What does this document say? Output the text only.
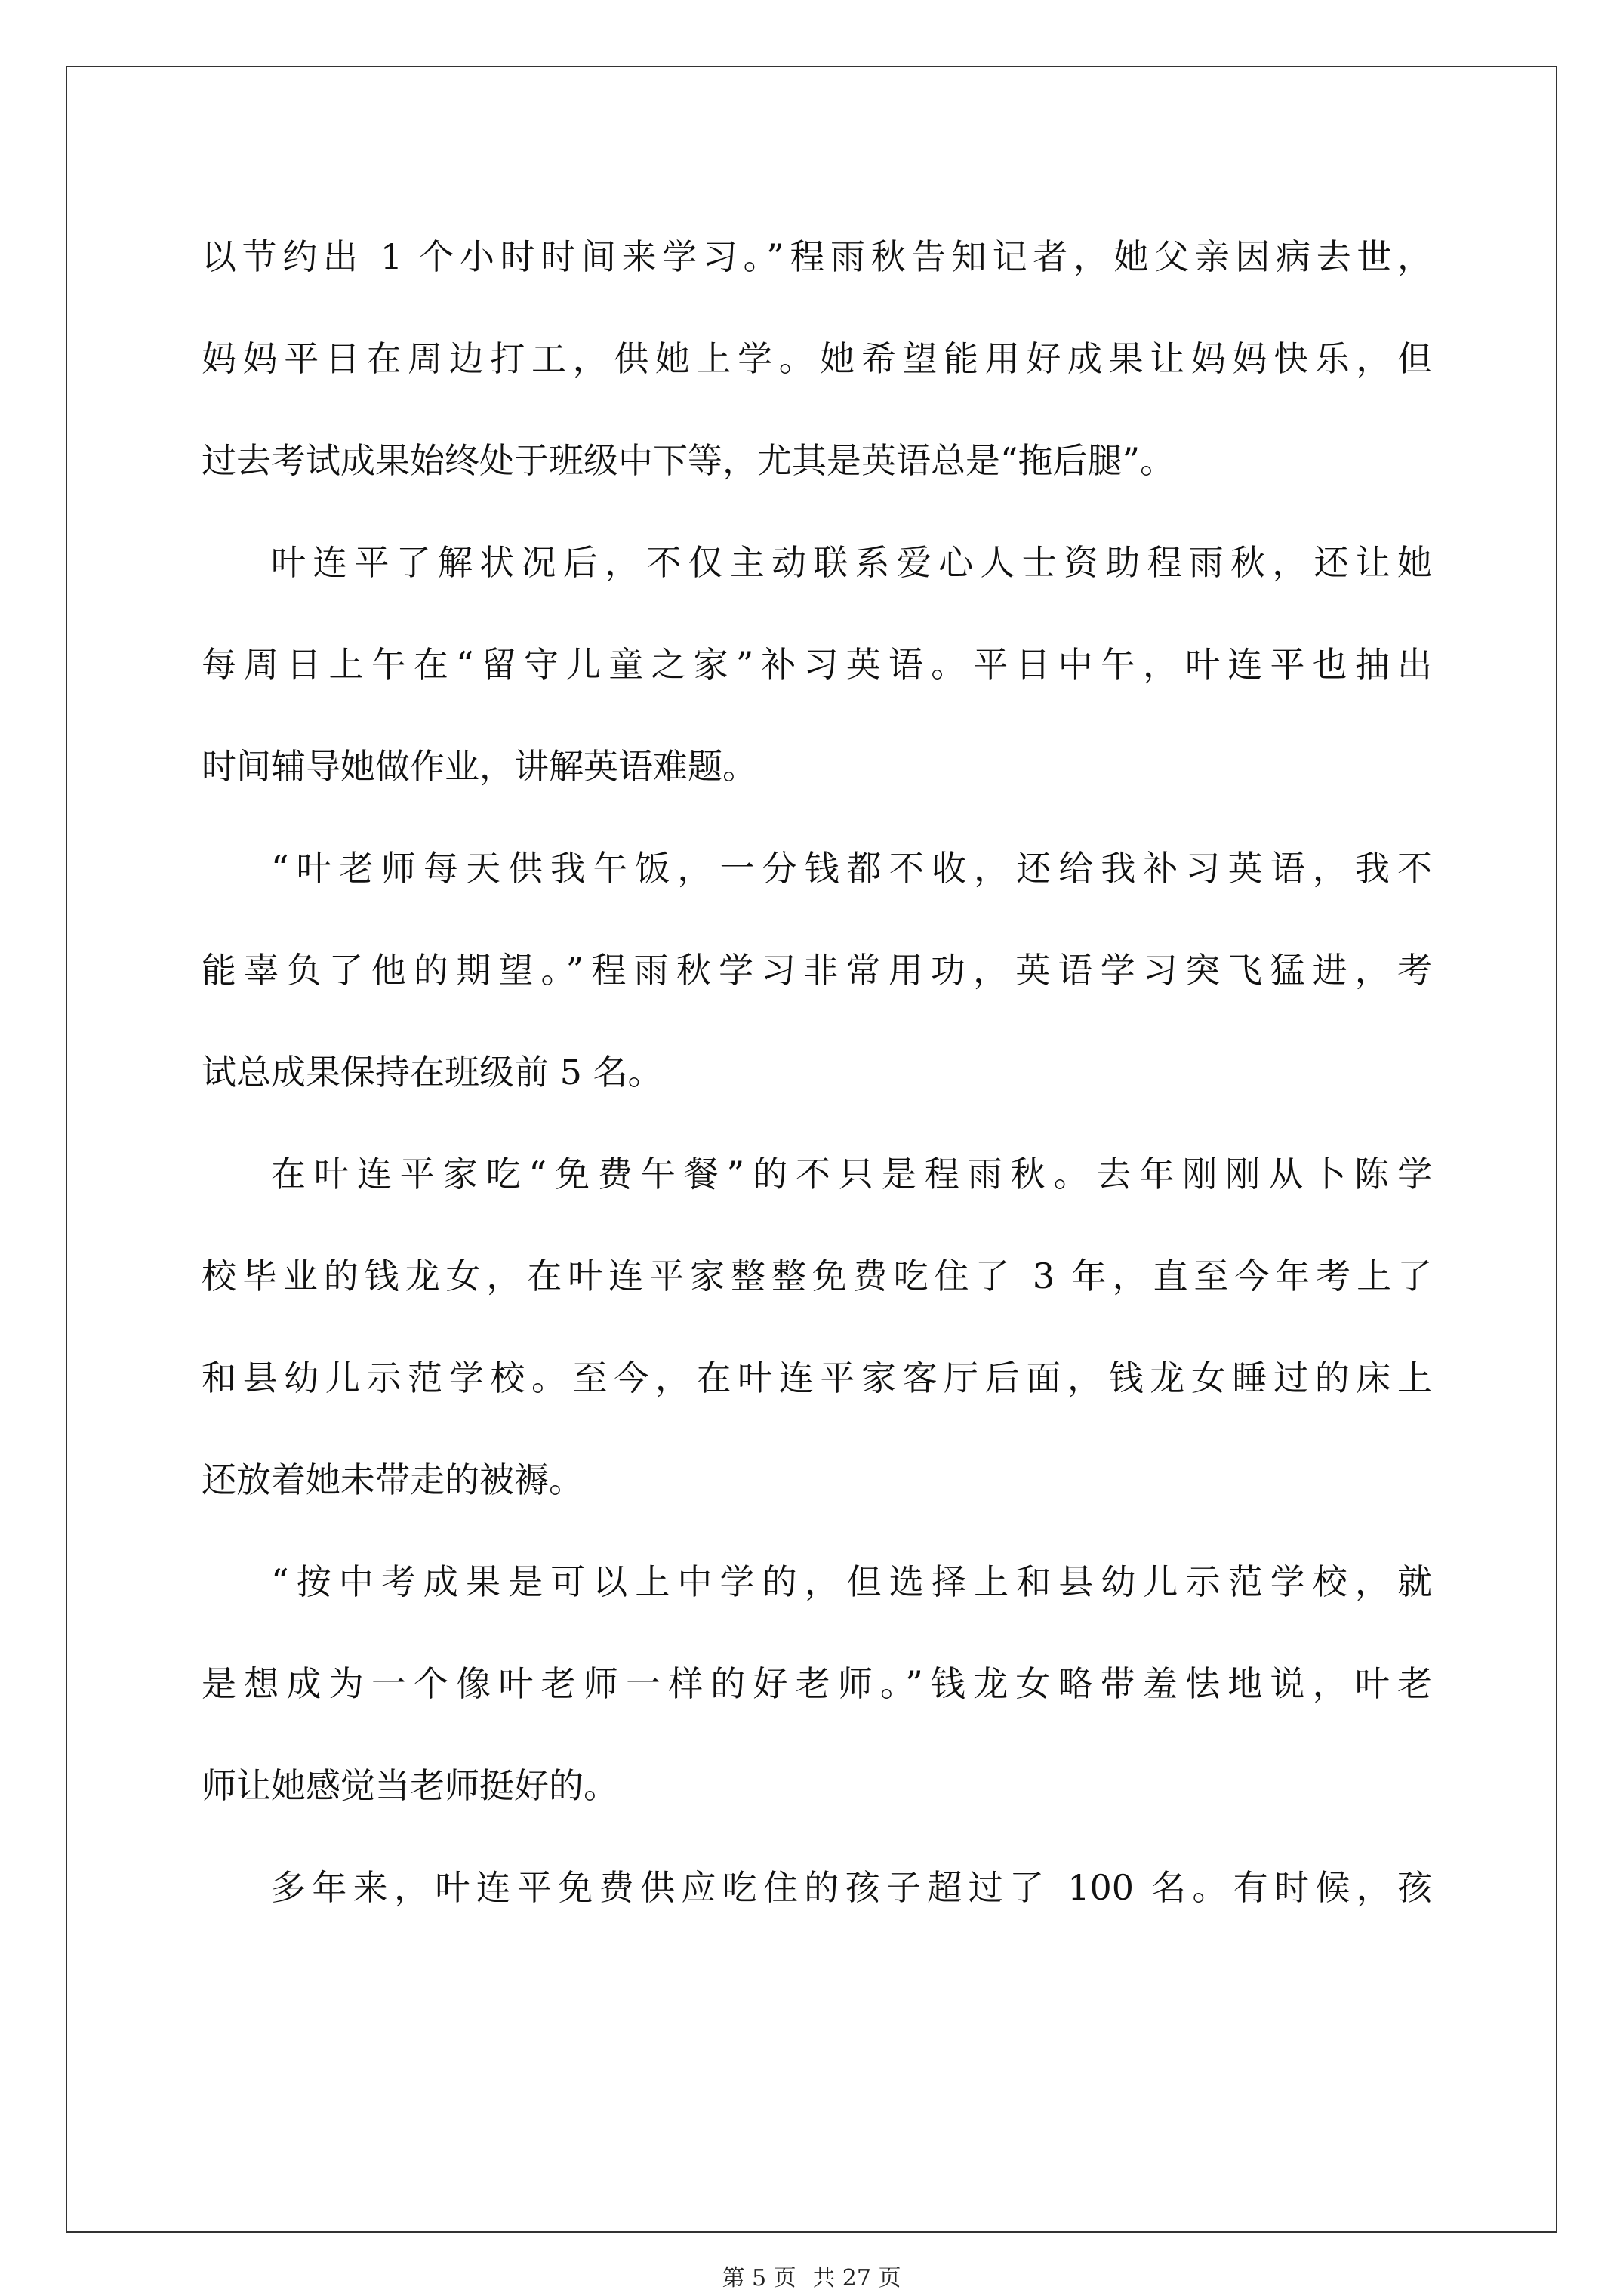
以节约出 1 个小时时间来学习。”程雨秋告知记者，她父亲因病去世，
妈妈平日在周边打工，供她上学。她希望能用好成果让妈妈快乐，但
过去考试成果始终处于班级中下等，尤其是英语总是“拖后腿”。
叶连平了解状况后，不仅主动联系爱心人士资助程雨秋，还让她
每周日上午在“留守儿童之家”补习英语。平日中午，叶连平也抽出
时间辅导她做作业，讲解英语难题。
“叶老师每天供我午饭，一分钱都不收，还给我补习英语，我不
能辜负了他的期望。”程雨秋学习非常用功，英语学习突飞猛进，考
试总成果保持在班级前 5 名。
在叶连平家吃“免费午餐”的不只是程雨秋。去年刚刚从卜陈学
校毕业的钱龙女，在叶连平家整整免费吃住了 3 年，直至今年考上了
和县幼儿示范学校。至今，在叶连平家客厅后面，钱龙女睡过的床上
还放着她未带走的被褥。
“按中考成果是可以上中学的，但选择上和县幼儿示范学校，就
是想成为一个像叶老师一样的好老师。”钱龙女略带羞怯地说，叶老
师让她感觉当老师挺好的。
多年来，叶连平免费供应吃住的孩子超过了 100 名。有时候，孩
第 5 页 共 27 页
